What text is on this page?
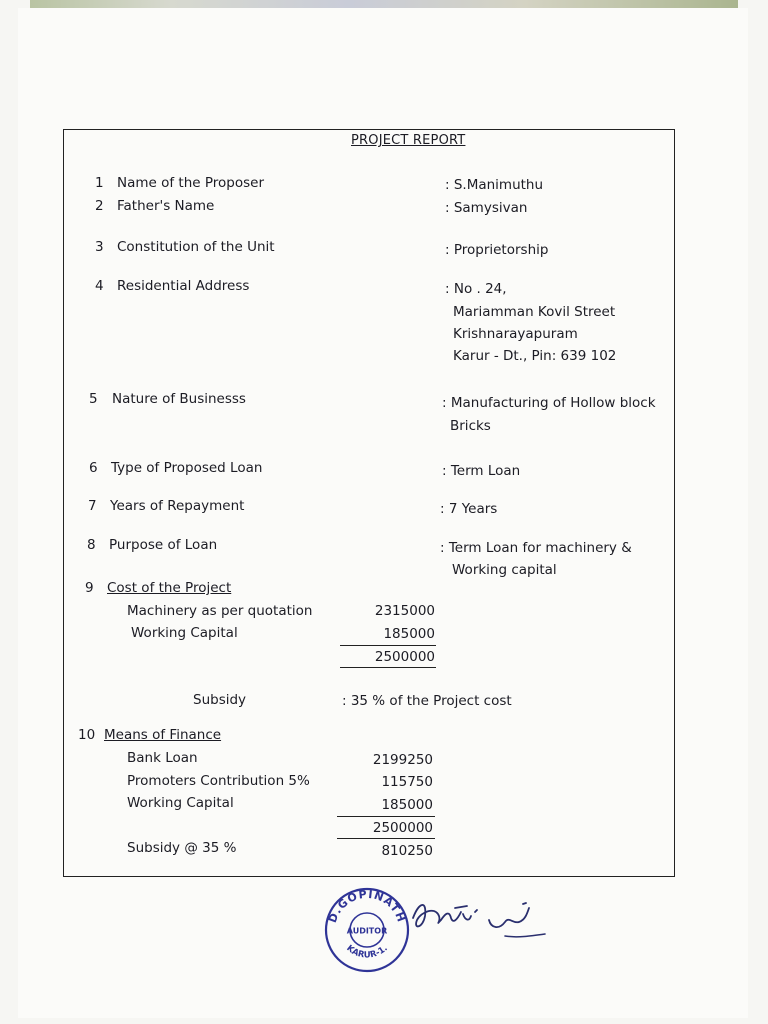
PROJECT REPORT
1 Name of the Proposer	: S.Manimuthu
2 Father's Name	: Samysivan
3 Constitution of the Unit	: Proprietorship
4 Residential Address	: No . 24,
Mariamman Kovil Street
Krishnarayapuram
Karur - Dt., Pin: 639 102
5 Nature of Businesss	: Manufacturing of Hollow block
Bricks
6 Type of Proposed Loan	: Term Loan
7 Years of Repayment	: 7 Years
8 Purpose of Loan	: Term Loan for machinery &
Working capital
9 Cost of the Project
Machinery as per quotation	2315000
Working Capital	185000
2500000
Subsidy	: 35 % of the Project cost
10 Means of Finance
Bank Loan	2199250
Promoters Contribution 5%	115750
Working Capital	185000
2500000
Subsidy @ 35 %	810250
D.GOPINATH
AUDITOR
KARUR-1.
